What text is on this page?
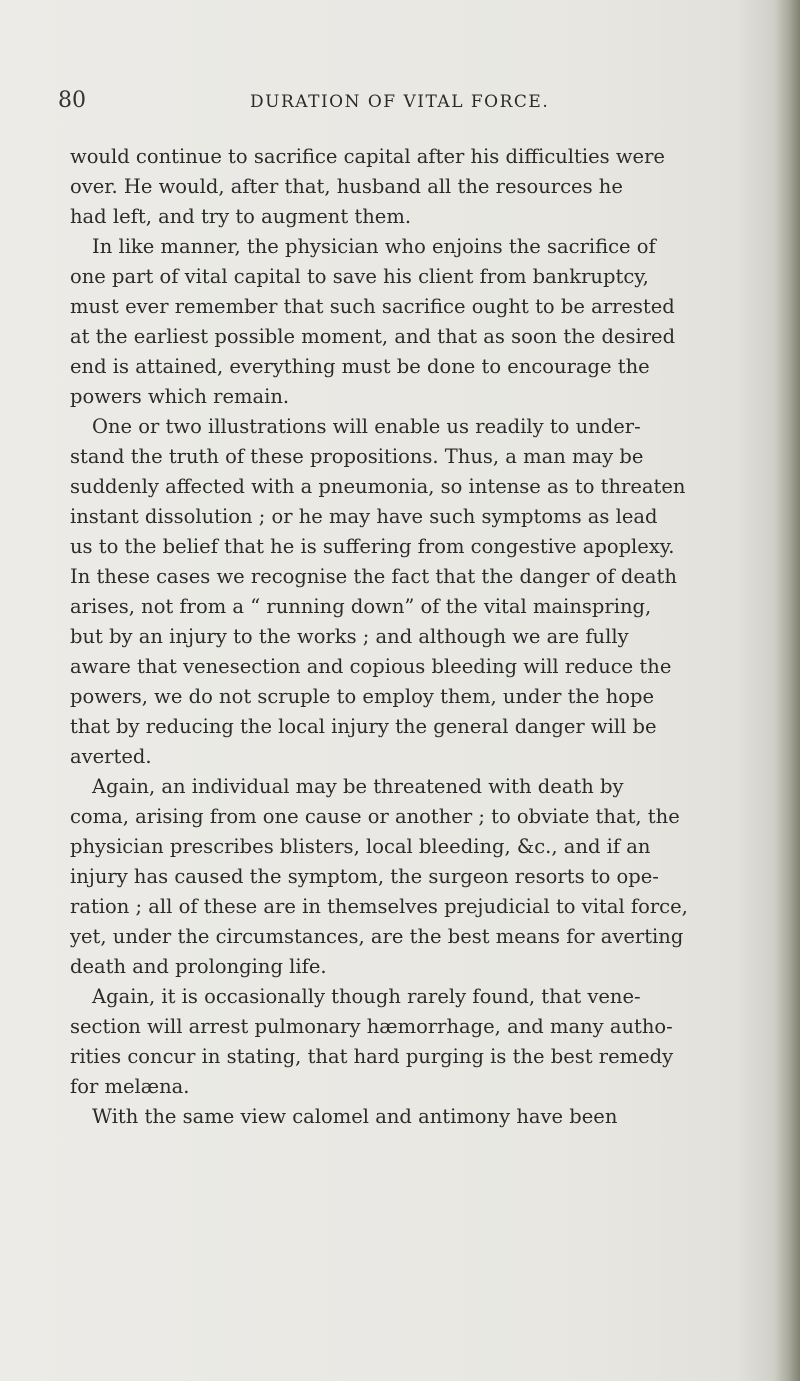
80	DURATION OF VITAL FORCE.
would continue to sacrifice capital after his difficulties were
over. He would, after that, husband all the resources he
had left, and try to augment them.
In like manner, the physician who enjoins the sacrifice of
one part of vital capital to save his client from bankruptcy,
must ever remember that such sacrifice ought to be arrested
at the earliest possible moment, and that as soon the desired
end is attained, everything must be done to encourage the
powers which remain.
One or two illustrations will enable us readily to under-
stand the truth of these propositions. Thus, a man may be
suddenly affected with a pneumonia, so intense as to threaten
instant dissolution ; or he may have such symptoms as lead
us to the belief that he is suffering from congestive apoplexy.
In these cases we recognise the fact that the danger of death
arises, not from a “ running down” of the vital mainspring,
but by an injury to the works ; and although we are fully
aware that venesection and copious bleeding will reduce the
powers, we do not scruple to employ them, under the hope
that by reducing the local injury the general danger will be
averted.
Again, an individual may be threatened with death by
coma, arising from one cause or another ; to obviate that, the
physician prescribes blisters, local bleeding, &c., and if an
injury has caused the symptom, the surgeon resorts to ope-
ration ; all of these are in themselves prejudicial to vital force,
yet, under the circumstances, are the best means for averting
death and prolonging life.
Again, it is occasionally though rarely found, that vene-
section will arrest pulmonary hæmorrhage, and many autho-
rities concur in stating, that hard purging is the best remedy
for melæna.
With the same view calomel and antimony have been
